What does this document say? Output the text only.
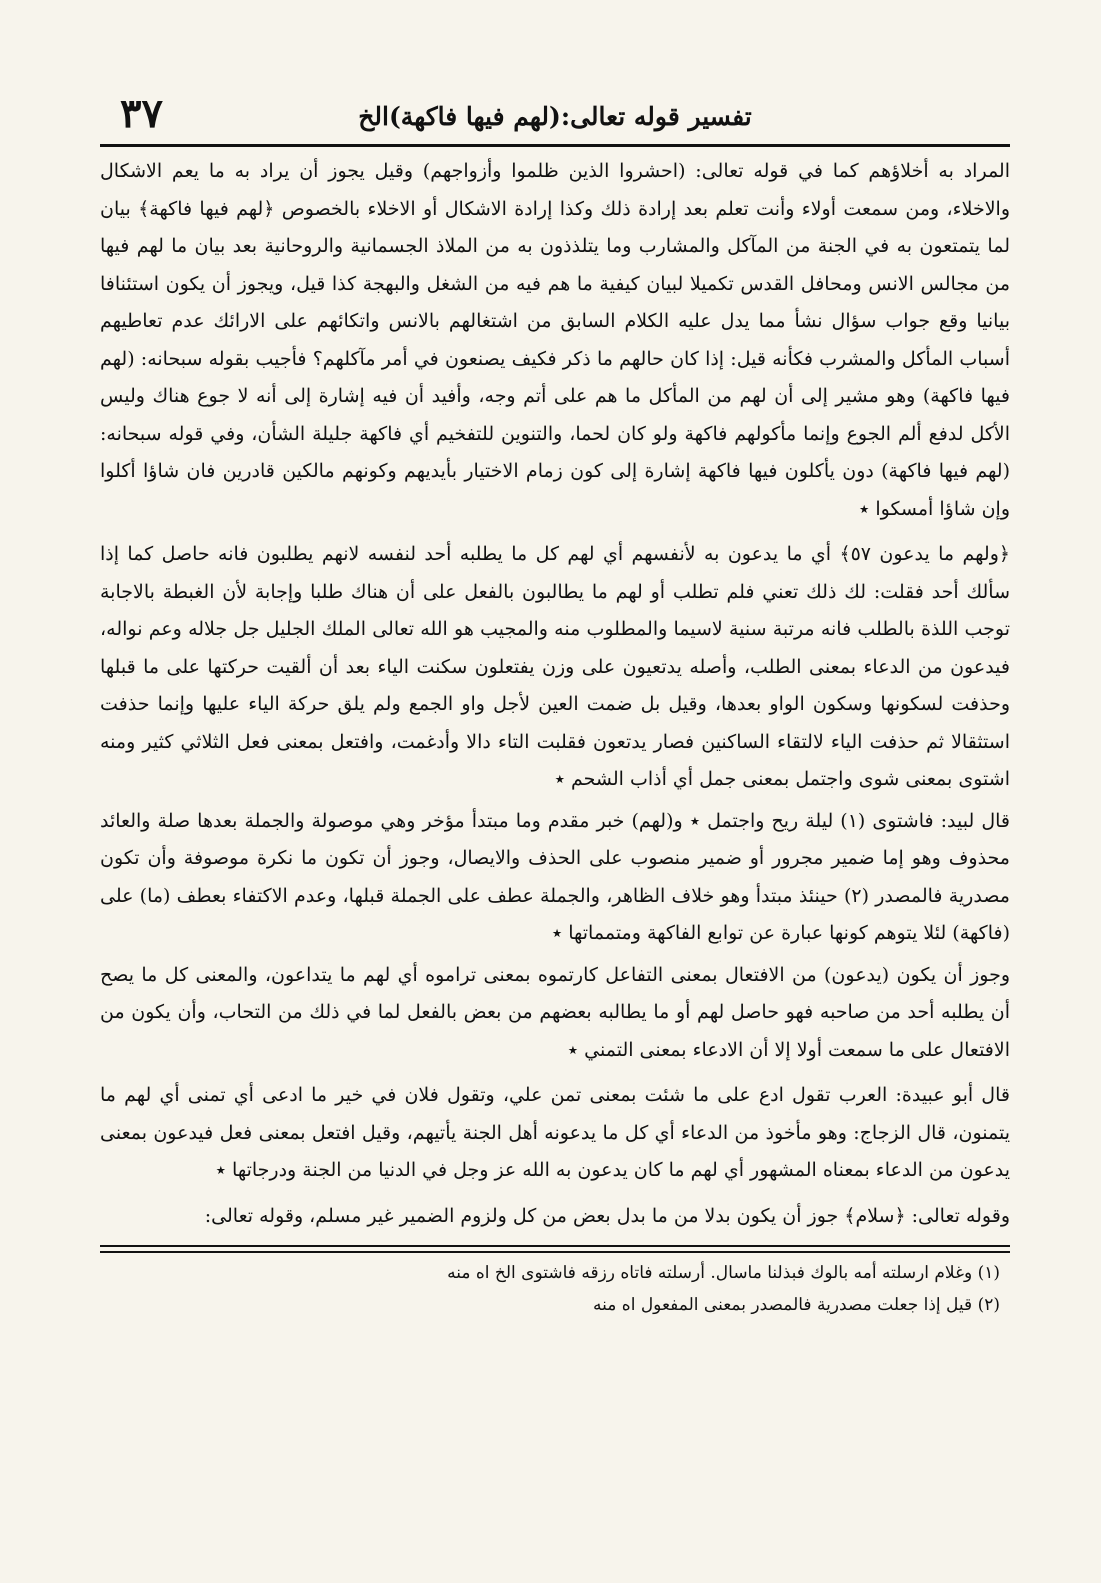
تفسير قوله تعالى:(لهم فيها فاكهة)الخ
٣٧

المراد به أخلاؤهم كما في قوله تعالى: (احشروا الذين ظلموا وأزواجهم) وقيل يجوز أن يراد به ما يعم الاشكال والاخلاء، ومن سمعت أولاء وأنت تعلم بعد إرادة ذلك وكذا إرادة الاشكال أو الاخلاء بالخصوص ﴿لهم فيها فاكهة﴾ بيان لما يتمتعون به في الجنة من المآكل والمشارب وما يتلذذون به من الملاذ الجسمانية والروحانية بعد بيان ما لهم فيها من مجالس الانس ومحافل القدس تكميلا لبيان كيفية ما هم فيه من الشغل والبهجة كذا قيل، ويجوز أن يكون استئنافا بيانيا وقع جواب سؤال نشأ مما يدل عليه الكلام السابق من اشتغالهم بالانس واتكائهم على الارائك عدم تعاطيهم أسباب المأكل والمشرب فكأنه قيل: إذا كان حالهم ما ذكر فكيف يصنعون في أمر مآكلهم؟ فأجيب بقوله سبحانه: (لهم فيها فاكهة) وهو مشير إلى أن لهم من المأكل ما هم على أتم وجه، وأفيد أن فيه إشارة إلى أنه لا جوع هناك وليس الأكل لدفع ألم الجوع وإنما مأكولهم فاكهة ولو كان لحما، والتنوين للتفخيم أي فاكهة جليلة الشأن، وفي قوله سبحانه: (لهم فيها فاكهة) دون يأكلون فيها فاكهة إشارة إلى كون زمام الاختيار بأيديهم وكونهم مالكين قادرين فان شاؤا أكلوا وإن شاؤا أمسكوا ٭

﴿ولهم ما يدعون ٥٧﴾ أي ما يدعون به لأنفسهم أي لهم كل ما يطلبه أحد لنفسه لانهم يطلبون فانه حاصل كما إذا سألك أحد فقلت: لك ذلك تعني فلم تطلب أو لهم ما يطالبون بالفعل على أن هناك طلبا وإجابة لأن الغبطة بالاجابة توجب اللذة بالطلب فانه مرتبة سنية لاسيما والمطلوب منه والمجيب هو الله تعالى الملك الجليل جل جلاله وعم نواله، فيدعون من الدعاء بمعنى الطلب، وأصله يدتعيون على وزن يفتعلون سكنت الياء بعد أن ألقيت حركتها على ما قبلها وحذفت لسكونها وسكون الواو بعدها، وقيل بل ضمت العين لأجل واو الجمع ولم يلق حركة الياء عليها وإنما حذفت استثقالا ثم حذفت الياء لالتقاء الساكنين فصار يدتعون فقلبت التاء دالا وأدغمت، وافتعل بمعنى فعل الثلاثي كثير ومنه اشتوى بمعنى شوى واجتمل بمعنى جمل أي أذاب الشحم ٭

قال لبيد: فاشتوى (١) ليلة ريح واجتمل ٭ و(لهم) خبر مقدم وما مبتدأ مؤخر وهي موصولة والجملة بعدها صلة والعائد محذوف وهو إما ضمير مجرور أو ضمير منصوب على الحذف والايصال، وجوز أن تكون ما نكرة موصوفة وأن تكون مصدرية فالمصدر (٢) حينئذ مبتدأ وهو خلاف الظاهر، والجملة عطف على الجملة قبلها، وعدم الاكتفاء بعطف (ما) على (فاكهة) لئلا يتوهم كونها عبارة عن توابع الفاكهة ومتمماتها ٭

وجوز أن يكون (يدعون) من الافتعال بمعنى التفاعل كارتموه بمعنى تراموه أي لهم ما يتداعون، والمعنى كل ما يصح أن يطلبه أحد من صاحبه فهو حاصل لهم أو ما يطالبه بعضهم من بعض بالفعل لما في ذلك من التحاب، وأن يكون من الافتعال على ما سمعت أولا إلا أن الادعاء بمعنى التمني ٭

قال أبو عبيدة: العرب تقول ادع على ما شئت بمعنى تمن علي، وتقول فلان في خير ما ادعى أي تمنى أي لهم ما يتمنون، قال الزجاج: وهو مأخوذ من الدعاء أي كل ما يدعونه أهل الجنة يأتيهم، وقيل افتعل بمعنى فعل فيدعون بمعنى يدعون من الدعاء بمعناه المشهور أي لهم ما كان يدعون به الله عز وجل في الدنيا من الجنة ودرجاتها ٭

وقوله تعالى: ﴿سلام﴾ جوز أن يكون بدلا من ما بدل بعض من كل ولزوم الضمير غير مسلم، وقوله تعالى:

(١) وغلام ارسلته أمه بالوك فبذلنا ماسال. أرسلته فاتاه رزقه فاشتوى الخ اه منه
(٢) قيل إذا جعلت مصدرية فالمصدر بمعنى المفعول اه منه
